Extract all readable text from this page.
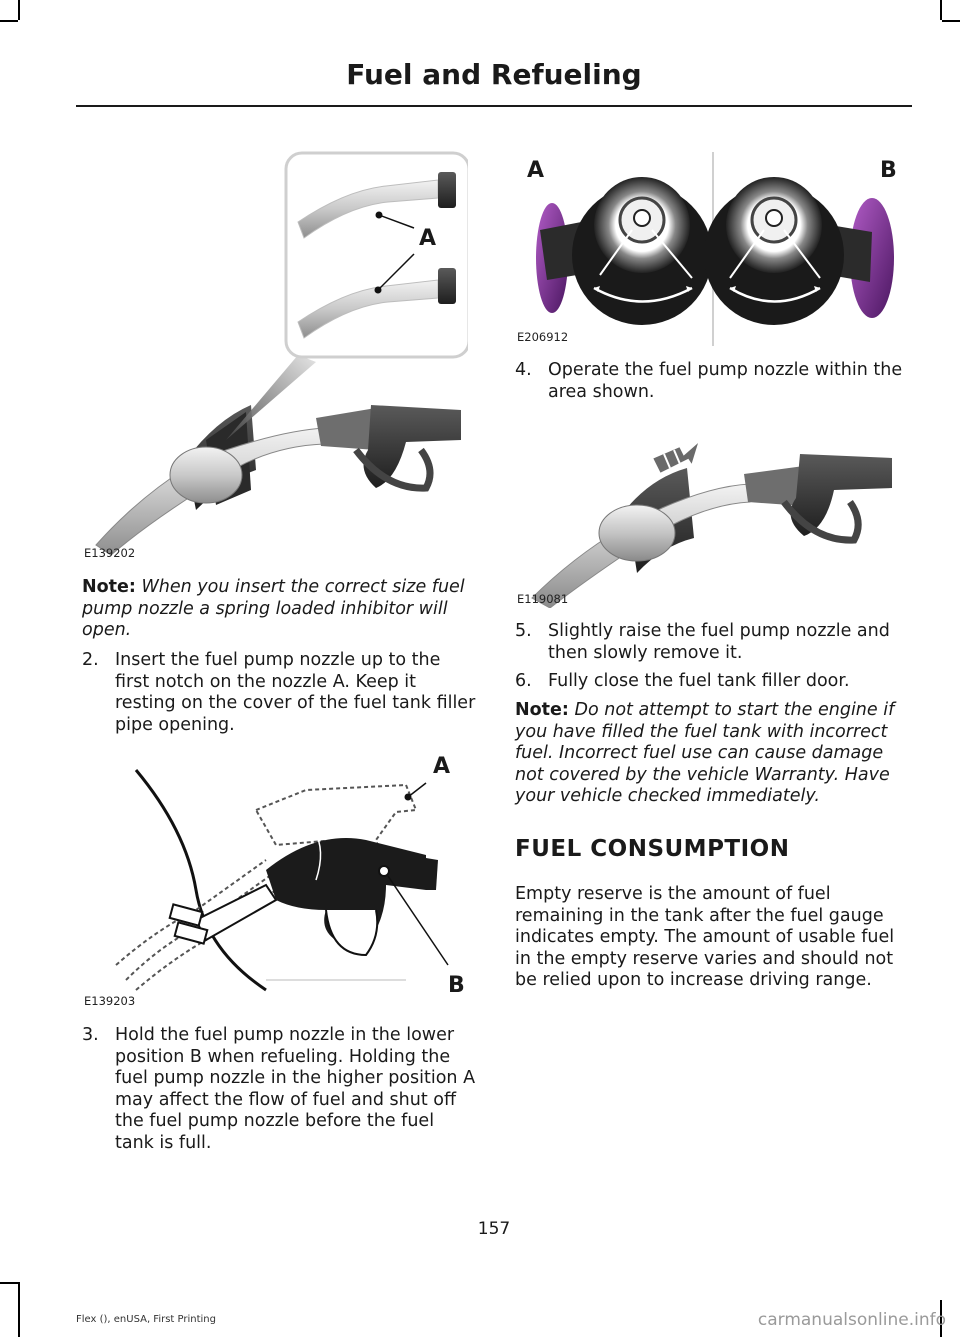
Fuel and Refueling
A
E139202
Note: When you insert the correct size fuel pump nozzle a spring loaded inhibitor will open.
2. Insert the fuel pump nozzle up to the first notch on the nozzle A. Keep it resting on the cover of the fuel tank filler pipe opening.
A
B
E139203
3. Hold the fuel pump nozzle in the lower position B when refueling. Holding the fuel pump nozzle in the higher position A may affect the flow of fuel and shut off the fuel pump nozzle before the fuel tank is full.
A	B
E206912
4. Operate the fuel pump nozzle within the area shown.
E119081
5. Slightly raise the fuel pump nozzle and then slowly remove it.
6. Fully close the fuel tank filler door.
Note: Do not attempt to start the engine if you have filled the fuel tank with incorrect fuel. Incorrect fuel use can cause damage not covered by the vehicle Warranty. Have your vehicle checked immediately.
FUEL CONSUMPTION
Empty reserve is the amount of fuel remaining in the tank after the fuel gauge indicates empty. The amount of usable fuel in the empty reserve varies and should not be relied upon to increase driving range.
157
Flex (), enUSA, First Printing	carmanualsonline.info
